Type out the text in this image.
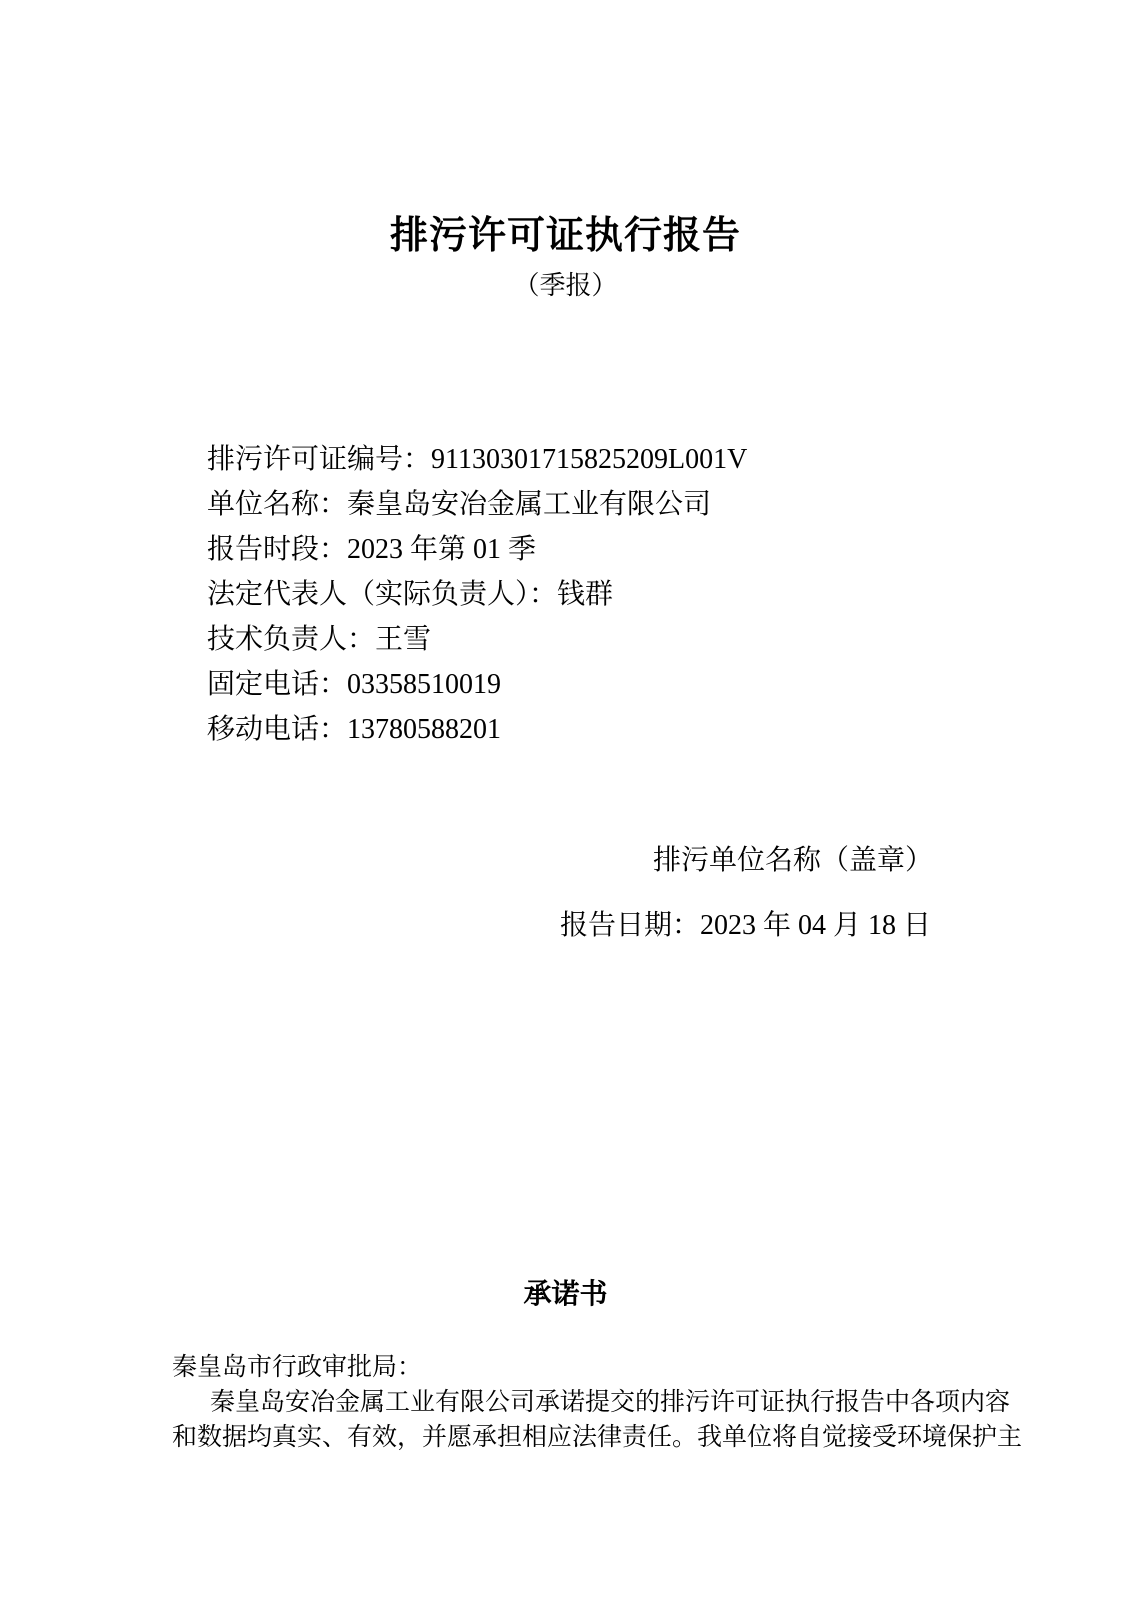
排污许可证执行报告
（季报）
排污许可证编号：91130301715825209L001V
单位名称：秦皇岛安冶金属工业有限公司
报告时段：2023 年第 01 季
法定代表人（实际负责人）：钱群
技术负责人：王雪
固定电话：03358510019
移动电话：13780588201
排污单位名称（盖章）
报告日期：2023 年 04 月 18 日
承诺书
秦皇岛市行政审批局：
秦皇岛安冶金属工业有限公司承诺提交的排污许可证执行报告中各项内容
和数据均真实、有效，并愿承担相应法律责任。我单位将自觉接受环境保护主
